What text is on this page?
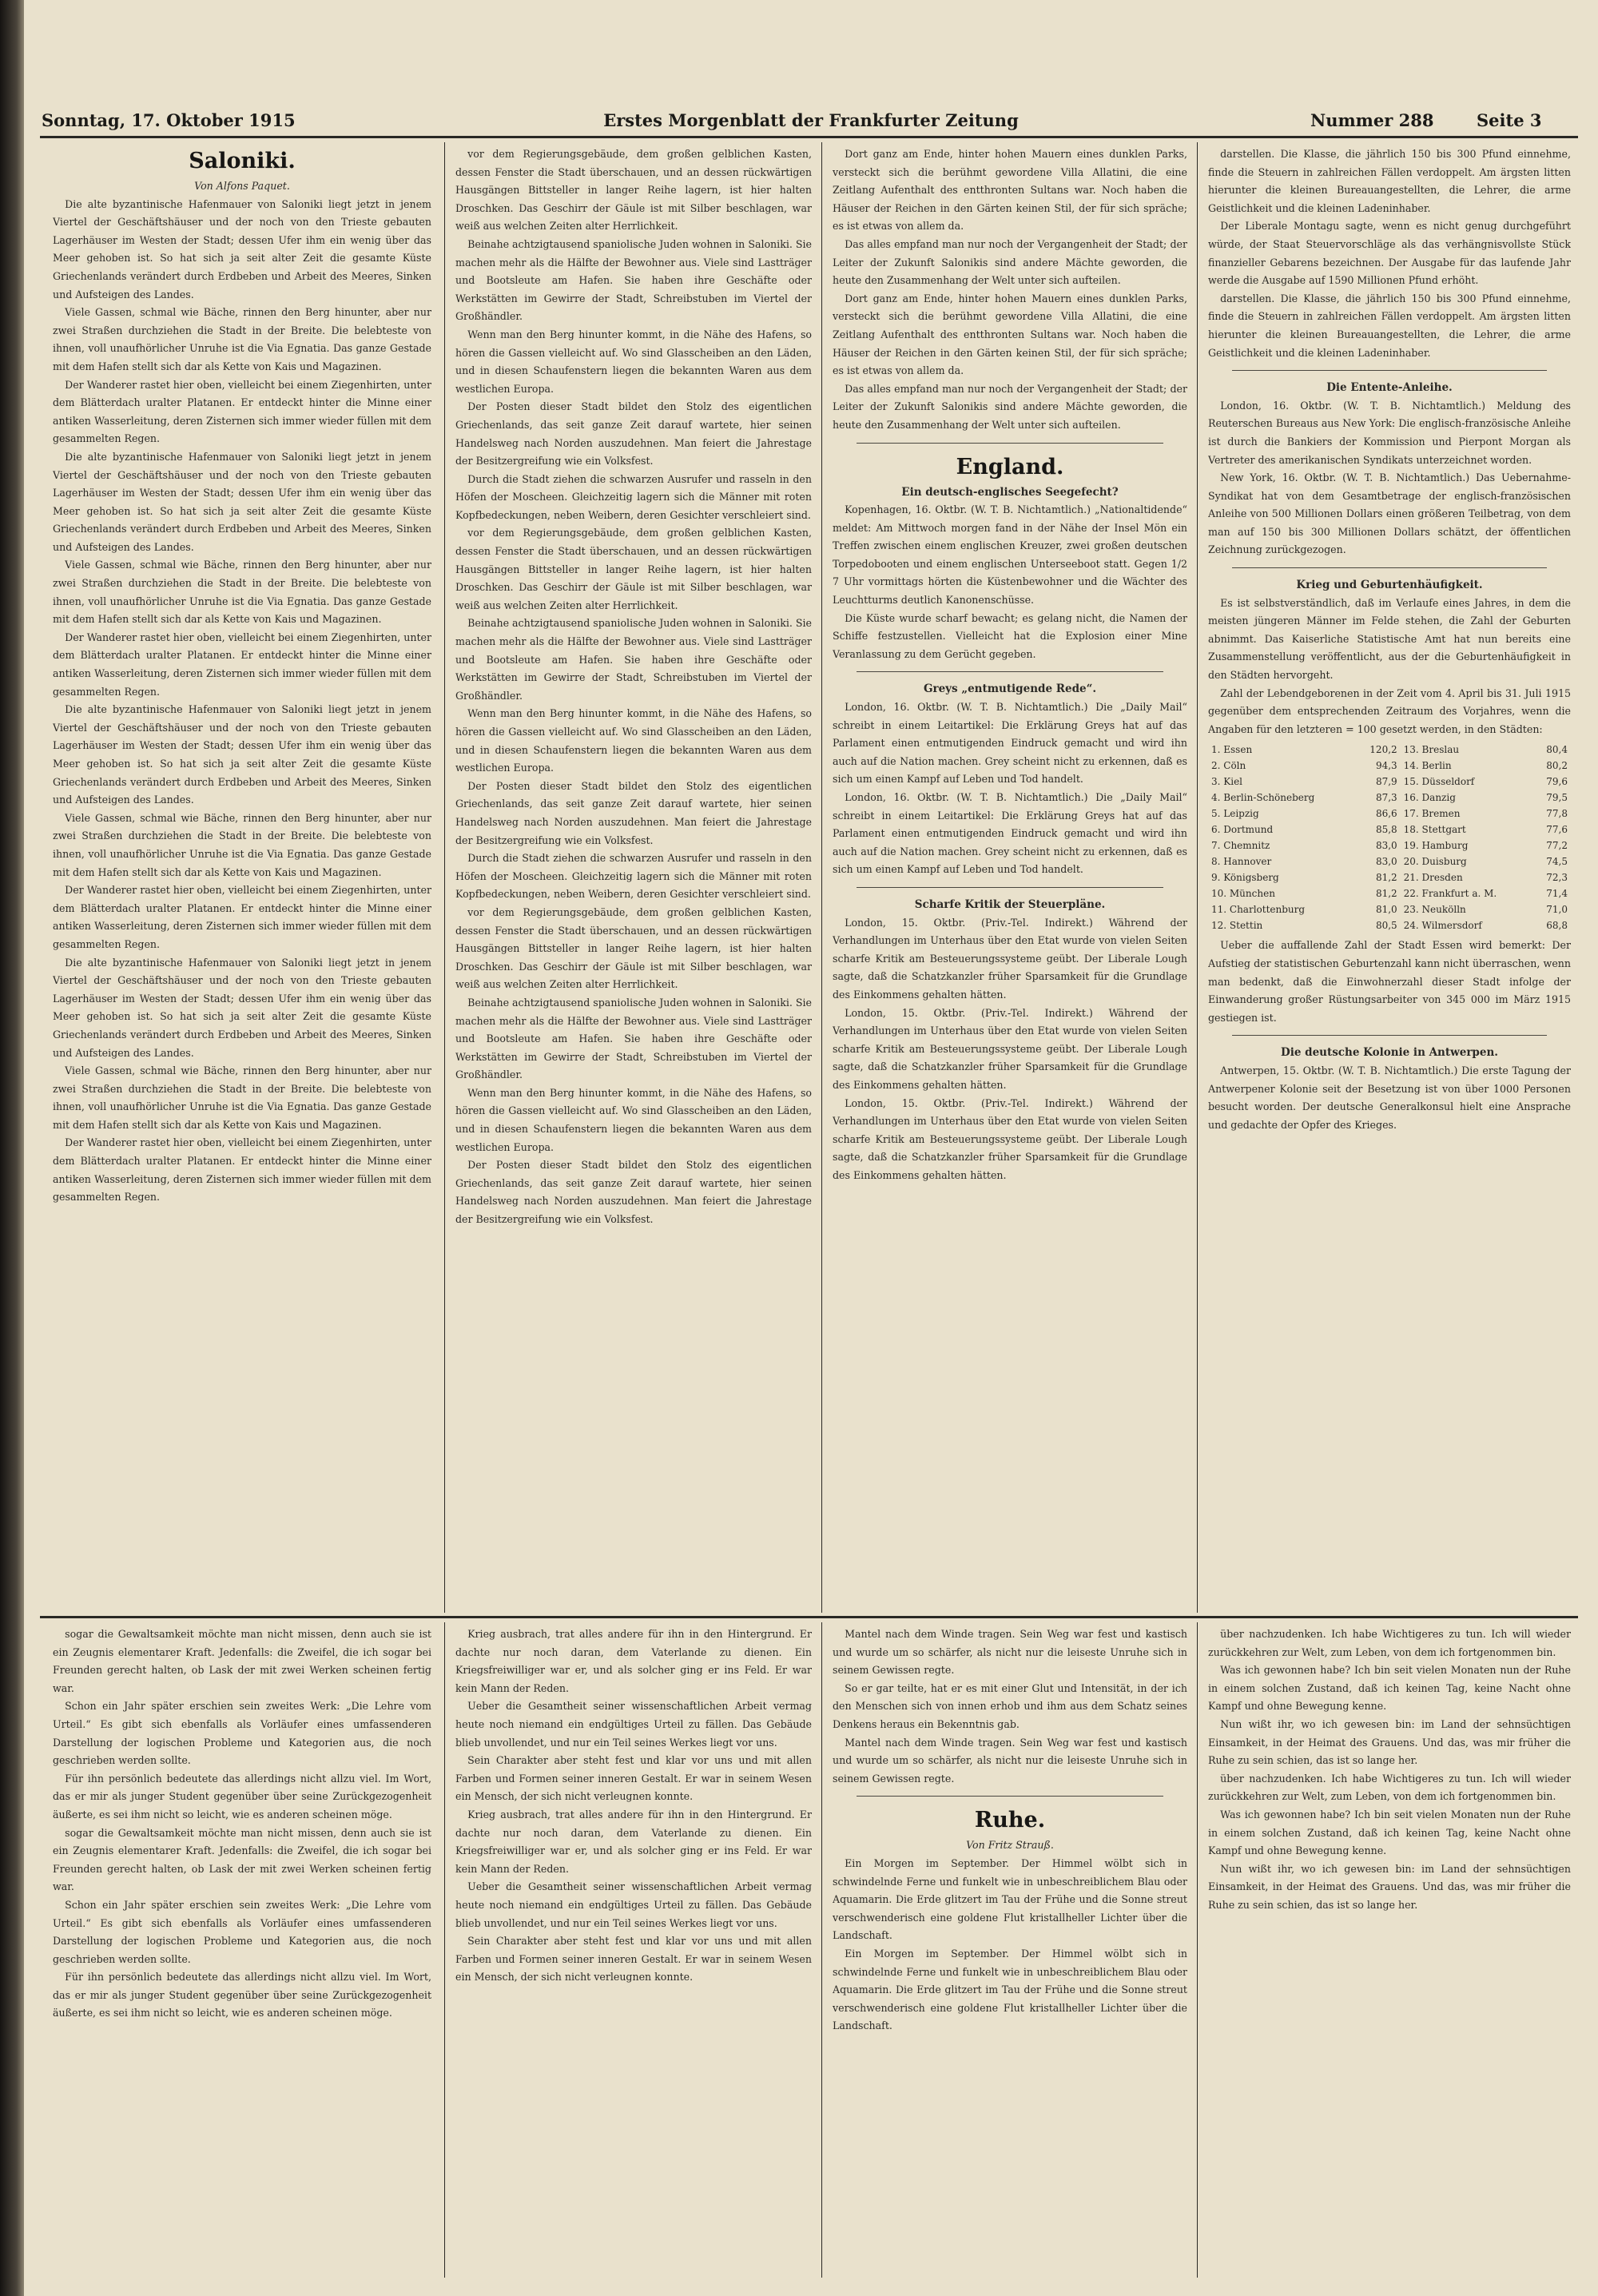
Sonntag, 17. Oktober 1915	Erstes Morgenblatt der Frankfurter Zeitung	Nummer 288	Seite 3

Saloniki.

Von Alfons Paquet.

Die alte byzantinische Hafenmauer von Saloniki liegt jetzt in jenem Viertel der Geschäftshäuser und der noch von den Trieste gebauten Lagerhäuser im Westen der Stadt; dessen Ufer ihm ein wenig über das Meer gehoben ist. So hat sich ja seit alter Zeit die gesamte Küste Griechenlands verändert durch Erdbeben und Arbeit des Meeres, Sinken und Aufsteigen des Landes.

Viele Gassen, schmal wie Bäche, rinnen den Berg hinunter, aber nur zwei Straßen durchziehen die Stadt in der Breite. Die belebteste von ihnen, voll unaufhörlicher Unruhe ist die Via Egnatia. Das ganze Gestade mit dem Hafen stellt sich dar als Kette von Kais und Magazinen.

Der Wanderer rastet hier oben, vielleicht bei einem Ziegenhirten, unter dem Blätterdach uralter Platanen. Er entdeckt hinter die Minne einer antiken Wasserleitung, deren Zisternen sich immer wieder füllen mit dem gesammelten Regen.

Die alte byzantinische Hafenmauer von Saloniki liegt jetzt in jenem Viertel der Geschäftshäuser und der noch von den Trieste gebauten Lagerhäuser im Westen der Stadt; dessen Ufer ihm ein wenig über das Meer gehoben ist. So hat sich ja seit alter Zeit die gesamte Küste Griechenlands verändert durch Erdbeben und Arbeit des Meeres, Sinken und Aufsteigen des Landes.

Viele Gassen, schmal wie Bäche, rinnen den Berg hinunter, aber nur zwei Straßen durchziehen die Stadt in der Breite. Die belebteste von ihnen, voll unaufhörlicher Unruhe ist die Via Egnatia. Das ganze Gestade mit dem Hafen stellt sich dar als Kette von Kais und Magazinen.

Der Wanderer rastet hier oben, vielleicht bei einem Ziegenhirten, unter dem Blätterdach uralter Platanen. Er entdeckt hinter die Minne einer antiken Wasserleitung, deren Zisternen sich immer wieder füllen mit dem gesammelten Regen.

Die alte byzantinische Hafenmauer von Saloniki liegt jetzt in jenem Viertel der Geschäftshäuser und der noch von den Trieste gebauten Lagerhäuser im Westen der Stadt; dessen Ufer ihm ein wenig über das Meer gehoben ist. So hat sich ja seit alter Zeit die gesamte Küste Griechenlands verändert durch Erdbeben und Arbeit des Meeres, Sinken und Aufsteigen des Landes.

Viele Gassen, schmal wie Bäche, rinnen den Berg hinunter, aber nur zwei Straßen durchziehen die Stadt in der Breite. Die belebteste von ihnen, voll unaufhörlicher Unruhe ist die Via Egnatia. Das ganze Gestade mit dem Hafen stellt sich dar als Kette von Kais und Magazinen.

Der Wanderer rastet hier oben, vielleicht bei einem Ziegenhirten, unter dem Blätterdach uralter Platanen. Er entdeckt hinter die Minne einer antiken Wasserleitung, deren Zisternen sich immer wieder füllen mit dem gesammelten Regen.

Die alte byzantinische Hafenmauer von Saloniki liegt jetzt in jenem Viertel der Geschäftshäuser und der noch von den Trieste gebauten Lagerhäuser im Westen der Stadt; dessen Ufer ihm ein wenig über das Meer gehoben ist. So hat sich ja seit alter Zeit die gesamte Küste Griechenlands verändert durch Erdbeben und Arbeit des Meeres, Sinken und Aufsteigen des Landes.

Viele Gassen, schmal wie Bäche, rinnen den Berg hinunter, aber nur zwei Straßen durchziehen die Stadt in der Breite. Die belebteste von ihnen, voll unaufhörlicher Unruhe ist die Via Egnatia. Das ganze Gestade mit dem Hafen stellt sich dar als Kette von Kais und Magazinen.

Der Wanderer rastet hier oben, vielleicht bei einem Ziegenhirten, unter dem Blätterdach uralter Platanen. Er entdeckt hinter die Minne einer antiken Wasserleitung, deren Zisternen sich immer wieder füllen mit dem gesammelten Regen.

vor dem Regierungsgebäude, dem großen gelblichen Kasten, dessen Fenster die Stadt überschauen, und an dessen rückwärtigen Hausgängen Bittsteller in langer Reihe lagern, ist hier halten Droschken. Das Geschirr der Gäule ist mit Silber beschlagen, war weiß aus welchen Zeiten alter Herrlichkeit.

Beinahe achtzigtausend spaniolische Juden wohnen in Saloniki. Sie machen mehr als die Hälfte der Bewohner aus. Viele sind Lastträger und Bootsleute am Hafen. Sie haben ihre Geschäfte oder Werkstätten im Gewirre der Stadt, Schreibstuben im Viertel der Großhändler.

Wenn man den Berg hinunter kommt, in die Nähe des Hafens, so hören die Gassen vielleicht auf. Wo sind Glasscheiben an den Läden, und in diesen Schaufenstern liegen die bekannten Waren aus dem westlichen Europa.

Der Posten dieser Stadt bildet den Stolz des eigentlichen Griechenlands, das seit ganze Zeit darauf wartete, hier seinen Handelsweg nach Norden auszudehnen. Man feiert die Jahrestage der Besitzergreifung wie ein Volksfest.

Durch die Stadt ziehen die schwarzen Ausrufer und rasseln in den Höfen der Moscheen. Gleichzeitig lagern sich die Männer mit roten Kopfbedeckungen, neben Weibern, deren Gesichter verschleiert sind.

vor dem Regierungsgebäude, dem großen gelblichen Kasten, dessen Fenster die Stadt überschauen, und an dessen rückwärtigen Hausgängen Bittsteller in langer Reihe lagern, ist hier halten Droschken. Das Geschirr der Gäule ist mit Silber beschlagen, war weiß aus welchen Zeiten alter Herrlichkeit.

Beinahe achtzigtausend spaniolische Juden wohnen in Saloniki. Sie machen mehr als die Hälfte der Bewohner aus. Viele sind Lastträger und Bootsleute am Hafen. Sie haben ihre Geschäfte oder Werkstätten im Gewirre der Stadt, Schreibstuben im Viertel der Großhändler.

Wenn man den Berg hinunter kommt, in die Nähe des Hafens, so hören die Gassen vielleicht auf. Wo sind Glasscheiben an den Läden, und in diesen Schaufenstern liegen die bekannten Waren aus dem westlichen Europa.

Der Posten dieser Stadt bildet den Stolz des eigentlichen Griechenlands, das seit ganze Zeit darauf wartete, hier seinen Handelsweg nach Norden auszudehnen. Man feiert die Jahrestage der Besitzergreifung wie ein Volksfest.

Durch die Stadt ziehen die schwarzen Ausrufer und rasseln in den Höfen der Moscheen. Gleichzeitig lagern sich die Männer mit roten Kopfbedeckungen, neben Weibern, deren Gesichter verschleiert sind.

vor dem Regierungsgebäude, dem großen gelblichen Kasten, dessen Fenster die Stadt überschauen, und an dessen rückwärtigen Hausgängen Bittsteller in langer Reihe lagern, ist hier halten Droschken. Das Geschirr der Gäule ist mit Silber beschlagen, war weiß aus welchen Zeiten alter Herrlichkeit.

Beinahe achtzigtausend spaniolische Juden wohnen in Saloniki. Sie machen mehr als die Hälfte der Bewohner aus. Viele sind Lastträger und Bootsleute am Hafen. Sie haben ihre Geschäfte oder Werkstätten im Gewirre der Stadt, Schreibstuben im Viertel der Großhändler.

Wenn man den Berg hinunter kommt, in die Nähe des Hafens, so hören die Gassen vielleicht auf. Wo sind Glasscheiben an den Läden, und in diesen Schaufenstern liegen die bekannten Waren aus dem westlichen Europa.

Der Posten dieser Stadt bildet den Stolz des eigentlichen Griechenlands, das seit ganze Zeit darauf wartete, hier seinen Handelsweg nach Norden auszudehnen. Man feiert die Jahrestage der Besitzergreifung wie ein Volksfest.

Dort ganz am Ende, hinter hohen Mauern eines dunklen Parks, versteckt sich die berühmt gewordene Villa Allatini, die eine Zeitlang Aufenthalt des entthronten Sultans war. Noch haben die Häuser der Reichen in den Gärten keinen Stil, der für sich spräche; es ist etwas von allem da.

Das alles empfand man nur noch der Vergangenheit der Stadt; der Leiter der Zukunft Salonikis sind andere Mächte geworden, die heute den Zusammenhang der Welt unter sich aufteilen.

Dort ganz am Ende, hinter hohen Mauern eines dunklen Parks, versteckt sich die berühmt gewordene Villa Allatini, die eine Zeitlang Aufenthalt des entthronten Sultans war. Noch haben die Häuser der Reichen in den Gärten keinen Stil, der für sich spräche; es ist etwas von allem da.

Das alles empfand man nur noch der Vergangenheit der Stadt; der Leiter der Zukunft Salonikis sind andere Mächte geworden, die heute den Zusammenhang der Welt unter sich aufteilen.

England.

Ein deutsch-englisches Seegefecht?

Kopenhagen, 16. Oktbr. (W. T. B. Nichtamtlich.) „Nationaltidende“ meldet: Am Mittwoch morgen fand in der Nähe der Insel Mön ein Treffen zwischen einem englischen Kreuzer, zwei großen deutschen Torpedobooten und einem englischen Unterseeboot statt. Gegen 1/2 7 Uhr vormittags hörten die Küstenbewohner und die Wächter des Leuchtturms deutlich Kanonenschüsse.

Die Küste wurde scharf bewacht; es gelang nicht, die Namen der Schiffe festzustellen. Vielleicht hat die Explosion einer Mine Veranlassung zu dem Gerücht gegeben.

Greys „entmutigende Rede“.

London, 16. Oktbr. (W. T. B. Nichtamtlich.) Die „Daily Mail“ schreibt in einem Leitartikel: Die Erklärung Greys hat auf das Parlament einen entmutigenden Eindruck gemacht und wird ihn auch auf die Nation machen. Grey scheint nicht zu erkennen, daß es sich um einen Kampf auf Leben und Tod handelt.

London, 16. Oktbr. (W. T. B. Nichtamtlich.) Die „Daily Mail“ schreibt in einem Leitartikel: Die Erklärung Greys hat auf das Parlament einen entmutigenden Eindruck gemacht und wird ihn auch auf die Nation machen. Grey scheint nicht zu erkennen, daß es sich um einen Kampf auf Leben und Tod handelt.

Scharfe Kritik der Steuerpläne.

London, 15. Oktbr. (Priv.-Tel. Indirekt.) Während der Verhandlungen im Unterhaus über den Etat wurde von vielen Seiten scharfe Kritik am Besteuerungssysteme geübt. Der Liberale Lough sagte, daß die Schatzkanzler früher Sparsamkeit für die Grundlage des Einkommens gehalten hätten.

London, 15. Oktbr. (Priv.-Tel. Indirekt.) Während der Verhandlungen im Unterhaus über den Etat wurde von vielen Seiten scharfe Kritik am Besteuerungssysteme geübt. Der Liberale Lough sagte, daß die Schatzkanzler früher Sparsamkeit für die Grundlage des Einkommens gehalten hätten.

London, 15. Oktbr. (Priv.-Tel. Indirekt.) Während der Verhandlungen im Unterhaus über den Etat wurde von vielen Seiten scharfe Kritik am Besteuerungssysteme geübt. Der Liberale Lough sagte, daß die Schatzkanzler früher Sparsamkeit für die Grundlage des Einkommens gehalten hätten.

darstellen. Die Klasse, die jährlich 150 bis 300 Pfund einnehme, finde die Steuern in zahlreichen Fällen verdoppelt. Am ärgsten litten hierunter die kleinen Bureauangestellten, die Lehrer, die arme Geistlichkeit und die kleinen Ladeninhaber.

Der Liberale Montagu sagte, wenn es nicht genug durchgeführt würde, der Staat Steuervorschläge als das verhängnisvollste Stück finanzieller Gebarens bezeichnen. Der Ausgabe für das laufende Jahr werde die Ausgabe auf 1590 Millionen Pfund erhöht.

darstellen. Die Klasse, die jährlich 150 bis 300 Pfund einnehme, finde die Steuern in zahlreichen Fällen verdoppelt. Am ärgsten litten hierunter die kleinen Bureauangestellten, die Lehrer, die arme Geistlichkeit und die kleinen Ladeninhaber.

Die Entente-Anleihe.

London, 16. Oktbr. (W. T. B. Nichtamtlich.) Meldung des Reuterschen Bureaus aus New York: Die englisch-französische Anleihe ist durch die Bankiers der Kommission und Pierpont Morgan als Vertreter des amerikanischen Syndikats unterzeichnet worden.

New York, 16. Oktbr. (W. T. B. Nichtamtlich.) Das Uebernahme-Syndikat hat von dem Gesamtbetrage der englisch-französischen Anleihe von 500 Millionen Dollars einen größeren Teilbetrag, von dem man auf 150 bis 300 Millionen Dollars schätzt, der öffentlichen Zeichnung zurückgezogen.

Krieg und Geburtenhäufigkeit.

Es ist selbstverständlich, daß im Verlaufe eines Jahres, in dem die meisten jüngeren Männer im Felde stehen, die Zahl der Geburten abnimmt. Das Kaiserliche Statistische Amt hat nun bereits eine Zusammenstellung veröffentlicht, aus der die Geburtenhäufigkeit in den Städten hervorgeht.

Zahl der Lebendgeborenen in der Zeit vom 4. April bis 31. Juli 1915 gegenüber dem entsprechenden Zeitraum des Vorjahres, wenn die Angaben für den letzteren = 100 gesetzt werden, in den Städten:

1. Essen	120,2	13. Breslau	80,4
2. Cöln	94,3	14. Berlin	80,2
3. Kiel	87,9	15. Düsseldorf	79,6
4. Berlin-Schöneberg	87,3	16. Danzig	79,5
5. Leipzig	86,6	17. Bremen	77,8
6. Dortmund	85,8	18. Stettgart	77,6
7. Chemnitz	83,0	19. Hamburg	77,2
8. Hannover	83,0	20. Duisburg	74,5
9. Königsberg	81,2	21. Dresden	72,3
10. München	81,2	22. Frankfurt a. M.	71,4
11. Charlottenburg	81,0	23. Neukölln	71,0
12. Stettin	80,5	24. Wilmersdorf	68,8

Ueber die auffallende Zahl der Stadt Essen wird bemerkt: Der Aufstieg der statistischen Geburtenzahl kann nicht überraschen, wenn man bedenkt, daß die Einwohnerzahl dieser Stadt infolge der Einwanderung großer Rüstungsarbeiter von 345 000 im März 1915 gestiegen ist.

Die deutsche Kolonie in Antwerpen.

Antwerpen, 15. Oktbr. (W. T. B. Nichtamtlich.) Die erste Tagung der Antwerpener Kolonie seit der Besetzung ist von über 1000 Personen besucht worden. Der deutsche Generalkonsul hielt eine Ansprache und gedachte der Opfer des Krieges.

sogar die Gewaltsamkeit möchte man nicht missen, denn auch sie ist ein Zeugnis elementarer Kraft. Jedenfalls: die Zweifel, die ich sogar bei Freunden gerecht halten, ob Lask der mit zwei Werken scheinen fertig war.

Schon ein Jahr später erschien sein zweites Werk: „Die Lehre vom Urteil.“ Es gibt sich ebenfalls als Vorläufer eines umfassenderen Darstellung der logischen Probleme und Kategorien aus, die noch geschrieben werden sollte.

Für ihn persönlich bedeutete das allerdings nicht allzu viel. Im Wort, das er mir als junger Student gegenüber über seine Zurückgezogenheit äußerte, es sei ihm nicht so leicht, wie es anderen scheinen möge.

sogar die Gewaltsamkeit möchte man nicht missen, denn auch sie ist ein Zeugnis elementarer Kraft. Jedenfalls: die Zweifel, die ich sogar bei Freunden gerecht halten, ob Lask der mit zwei Werken scheinen fertig war.

Schon ein Jahr später erschien sein zweites Werk: „Die Lehre vom Urteil.“ Es gibt sich ebenfalls als Vorläufer eines umfassenderen Darstellung der logischen Probleme und Kategorien aus, die noch geschrieben werden sollte.

Für ihn persönlich bedeutete das allerdings nicht allzu viel. Im Wort, das er mir als junger Student gegenüber über seine Zurückgezogenheit äußerte, es sei ihm nicht so leicht, wie es anderen scheinen möge.

Krieg ausbrach, trat alles andere für ihn in den Hintergrund. Er dachte nur noch daran, dem Vaterlande zu dienen. Ein Kriegsfreiwilliger war er, und als solcher ging er ins Feld. Er war kein Mann der Reden.

Ueber die Gesamtheit seiner wissenschaftlichen Arbeit vermag heute noch niemand ein endgültiges Urteil zu fällen. Das Gebäude blieb unvollendet, und nur ein Teil seines Werkes liegt vor uns.

Sein Charakter aber steht fest und klar vor uns und mit allen Farben und Formen seiner inneren Gestalt. Er war in seinem Wesen ein Mensch, der sich nicht verleugnen konnte.

Krieg ausbrach, trat alles andere für ihn in den Hintergrund. Er dachte nur noch daran, dem Vaterlande zu dienen. Ein Kriegsfreiwilliger war er, und als solcher ging er ins Feld. Er war kein Mann der Reden.

Ueber die Gesamtheit seiner wissenschaftlichen Arbeit vermag heute noch niemand ein endgültiges Urteil zu fällen. Das Gebäude blieb unvollendet, und nur ein Teil seines Werkes liegt vor uns.

Sein Charakter aber steht fest und klar vor uns und mit allen Farben und Formen seiner inneren Gestalt. Er war in seinem Wesen ein Mensch, der sich nicht verleugnen konnte.

Mantel nach dem Winde tragen. Sein Weg war fest und kastisch und wurde um so schärfer, als nicht nur die leiseste Unruhe sich in seinem Gewissen regte.

So er gar teilte, hat er es mit einer Glut und Intensität, in der ich den Menschen sich von innen erhob und ihm aus dem Schatz seines Denkens heraus ein Bekenntnis gab.

Mantel nach dem Winde tragen. Sein Weg war fest und kastisch und wurde um so schärfer, als nicht nur die leiseste Unruhe sich in seinem Gewissen regte.

Ruhe.

Von Fritz Strauß.

Ein Morgen im September. Der Himmel wölbt sich in schwindelnde Ferne und funkelt wie in unbeschreiblichem Blau oder Aquamarin. Die Erde glitzert im Tau der Frühe und die Sonne streut verschwenderisch eine goldene Flut kristallheller Lichter über die Landschaft.

Ein Morgen im September. Der Himmel wölbt sich in schwindelnde Ferne und funkelt wie in unbeschreiblichem Blau oder Aquamarin. Die Erde glitzert im Tau der Frühe und die Sonne streut verschwenderisch eine goldene Flut kristallheller Lichter über die Landschaft.

über nachzudenken. Ich habe Wichtigeres zu tun. Ich will wieder zurückkehren zur Welt, zum Leben, von dem ich fortgenommen bin.

Was ich gewonnen habe? Ich bin seit vielen Monaten nun der Ruhe in einem solchen Zustand, daß ich keinen Tag, keine Nacht ohne Kampf und ohne Bewegung kenne.

Nun wißt ihr, wo ich gewesen bin: im Land der sehnsüchtigen Einsamkeit, in der Heimat des Grauens. Und das, was mir früher die Ruhe zu sein schien, das ist so lange her.

über nachzudenken. Ich habe Wichtigeres zu tun. Ich will wieder zurückkehren zur Welt, zum Leben, von dem ich fortgenommen bin.

Was ich gewonnen habe? Ich bin seit vielen Monaten nun der Ruhe in einem solchen Zustand, daß ich keinen Tag, keine Nacht ohne Kampf und ohne Bewegung kenne.

Nun wißt ihr, wo ich gewesen bin: im Land der sehnsüchtigen Einsamkeit, in der Heimat des Grauens. Und das, was mir früher die Ruhe zu sein schien, das ist so lange her.
